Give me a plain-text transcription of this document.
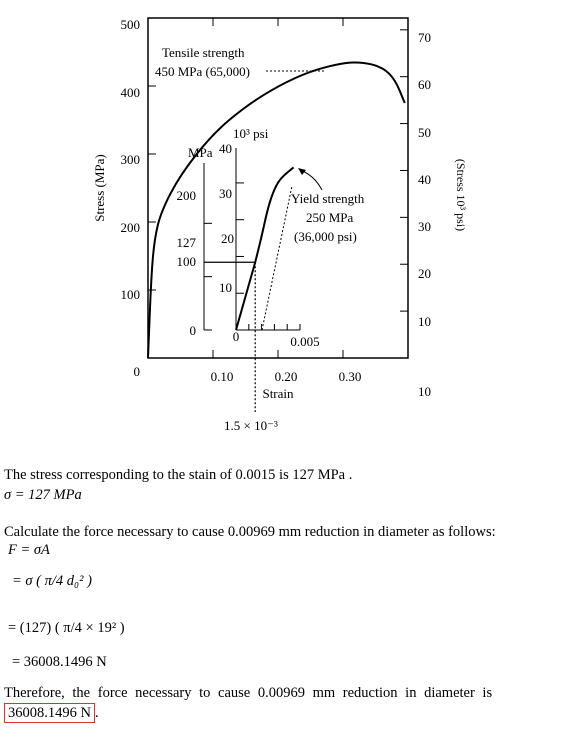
500
400
300
200
100
0	0.10	0.20	0.30
Strain
Stress (MPa)
70
60
50
40
30
20
10
10
(Stress 10³ psi)
Tensile strength
450 MPa (65,000)
MPa
10³ psi
200
127
100
0
40
30
20
10
0	0.005
Yield strength
250 MPa
(36,000 psi)
1.5 × 10⁻³
The stress corresponding to the stain of 0.0015 is 127 MPa .
σ = 127 MPa
Calculate the force necessary to cause 0.00969 mm reduction in diameter as follows:
F = σA
= σ ( π/4 d₀² )
= (127) ( π/4 × 19² )
= 36008.1496 N
Therefore, the force necessary to cause 0.00969 mm reduction in diameter is
36008.1496 N .
